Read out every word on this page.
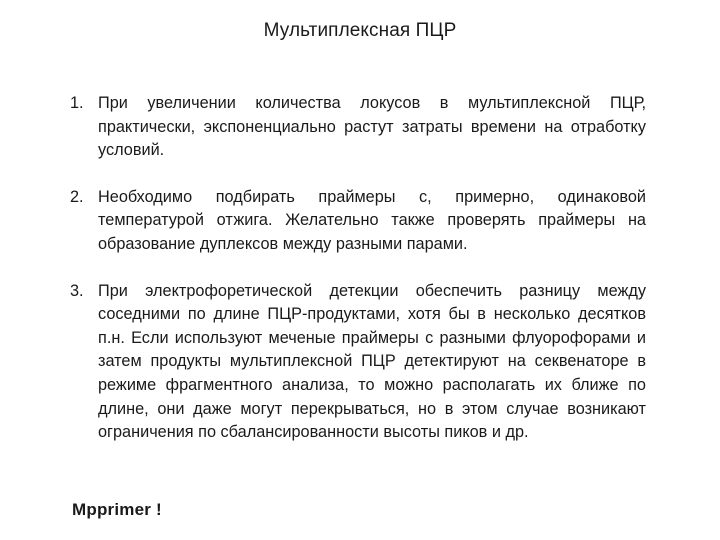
Мультиплексная ПЦР
1. При увеличении количества локусов в мультиплексной ПЦР, практически, экспоненциально растут затраты времени на отработку условий.
2. Необходимо подбирать праймеры с, примерно, одинаковой температурой отжига. Желательно также проверять праймеры на образование дуплексов между разными парами.
3. При электрофоретической детекции обеспечить разницу между соседними по длине ПЦР-продуктами, хотя бы в несколько десятков п.н. Если используют меченые праймеры с разными флуорофорами и затем продукты мультиплексной ПЦР детектируют на секвенаторе в режиме фрагментного анализа, то можно располагать их ближе по длине, они даже могут перекрываться, но в этом случае возникают ограничения по сбалансированности высоты пиков и др.
Mpprimer !
